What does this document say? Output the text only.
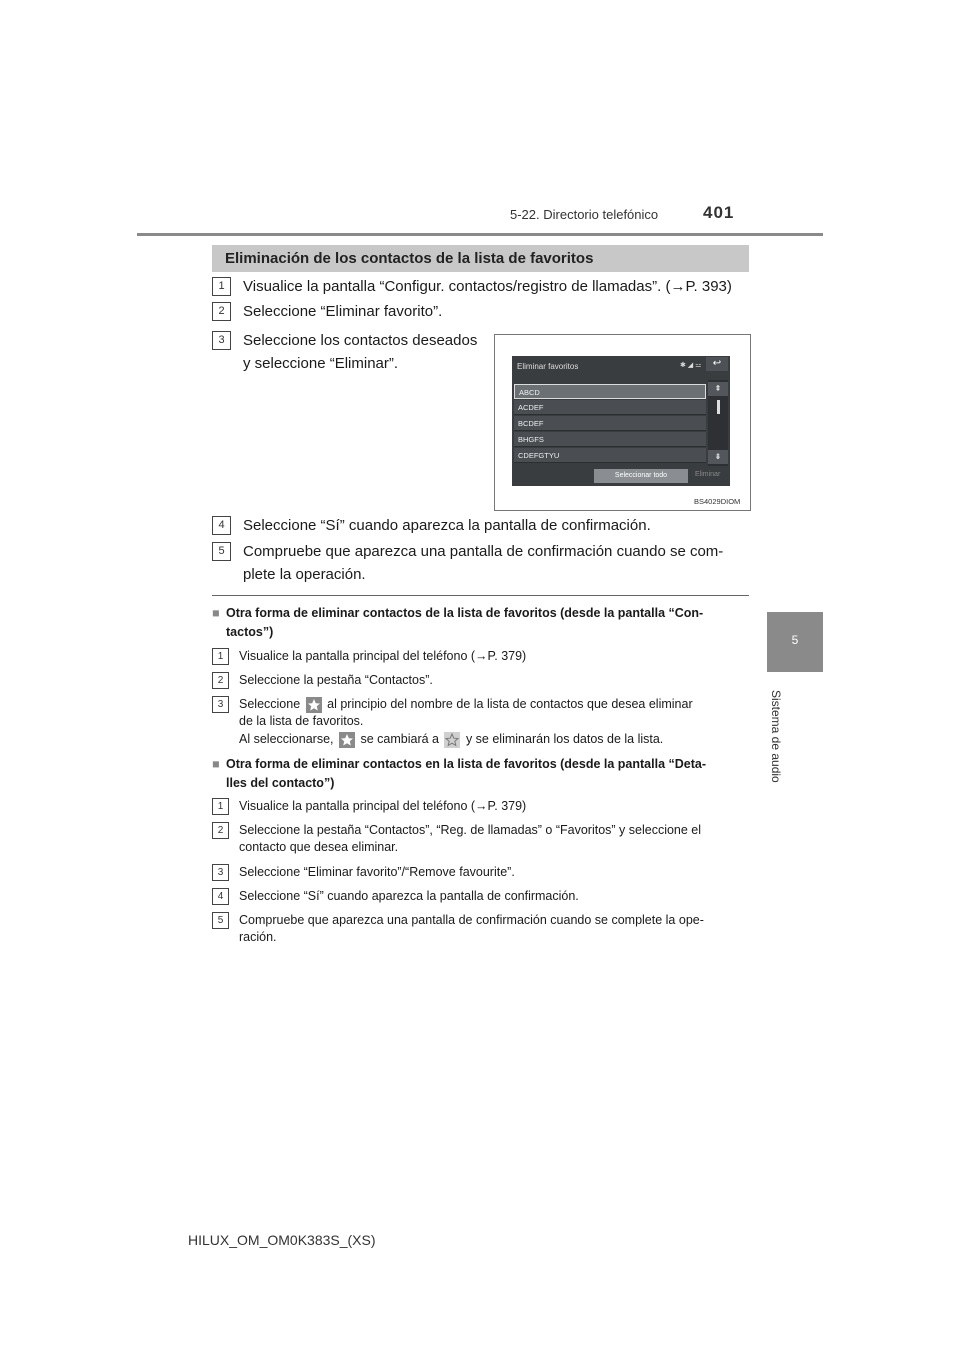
5-22. Directorio telefónico	401
5
Sistema de audio
Eliminación de los contactos de la lista de favoritos
1	Visualice la pantalla “Configur. contactos/registro de llamadas”. (→P. 393)
2	Seleccione “Eliminar favorito”.
3	Seleccione los contactos deseados
y seleccione “Eliminar”.	Eliminar favoritos	✱ ◢ ⚍	↩
ABCD
ACDEF
BCDEF
BHGFS
CDEFGTYU
⇞
⇟
Seleccionar todo	Eliminar
BS4029DIOM
4	Seleccione “Sí” cuando aparezca la pantalla de confirmación.
5	Compruebe que aparezca una pantalla de confirmación cuando se com-
plete la operación.
■ Otra forma de eliminar contactos de la lista de favoritos (desde la pantalla “Con-
tactos”)
1	Visualice la pantalla principal del teléfono (→P. 379)
2	Seleccione la pestaña “Contactos”.
3	Seleccione al principio del nombre de la lista de contactos que desea eliminar
de la lista de favoritos.
Al seleccionarse, se cambiará a y se eliminarán los datos de la lista.
■ Otra forma de eliminar contactos en la lista de favoritos (desde la pantalla “Deta-
lles del contacto”)
1	Visualice la pantalla principal del teléfono (→P. 379)
2	Seleccione la pestaña “Contactos”, “Reg. de llamadas” o “Favoritos” y seleccione el
contacto que desea eliminar.
3	Seleccione “Eliminar favorito”/“Remove favourite”.
4	Seleccione “Sí” cuando aparezca la pantalla de confirmación.
5	Compruebe que aparezca una pantalla de confirmación cuando se complete la ope-
ración.
HILUX_OM_OM0K383S_(XS)
